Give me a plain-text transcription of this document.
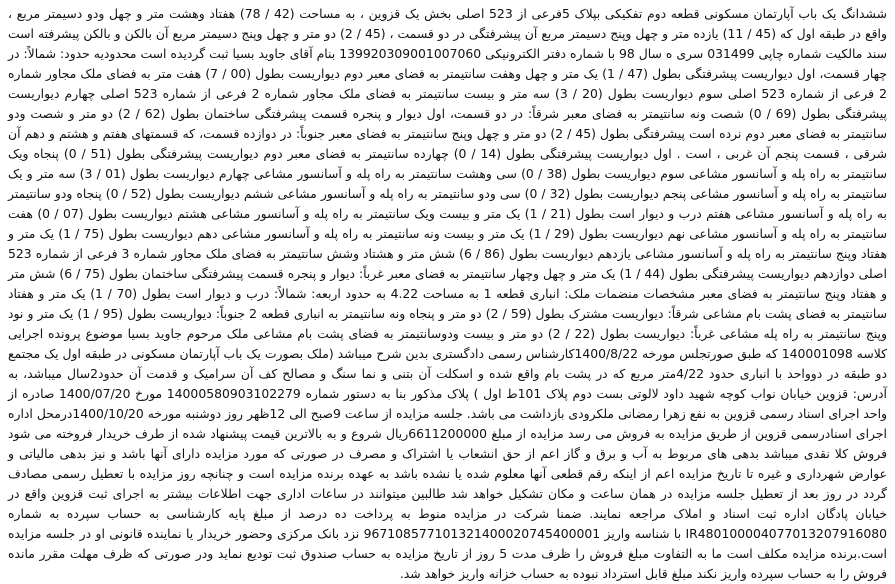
ششدانگ یک باب آپارتمان مسکونی قطعه دوم تفکیکی بپلاک 5فرعی از 523 اصلی بخش یک قزوین ، به مساحت (42 / 78) هفتاد وهشت متر و چهل ودو دسیمتر مربع ، واقع در طبقه اول که (45 / 11) یازده متر و چهل وپنج دسیمتر مربع آن پیشرفتگی در دو قسمت ، (45 / 2) دو متر و چهل وپنج دسیمتر مربع آن بالکن و بالکن پیشرفته است سند مالکیت شماره چاپی 031499 سری ه سال 98 با شماره دفتر الکترونیکی 139920309001007060 بنام آقای جاوید بسیا ثبت گردیده است محدودیه حدود: شمالاً: در چهار قسمت، اول دیواریست پیشرفتگی بطول (47 / 1) یک متر و چهل وهفت سانتیمتر به فضای معبر دوم دیواریست بطول (00 / 7) هفت متر به فضای ملک مجاور شماره 2 فرعی از شماره 523 اصلی سوم دیواریست بطول (20 / 3) سه متر و بیست سانتیمتر به فضای ملک مجاور شماره 2 فرعی از شماره 523 اصلی چهارم دیواریست پیشرفتگی بطول (69 / 0) شصت ونه سانتیمتر به فضای معبر شرقاً: در دو قسمت، اول دیوار و پنجره قسمت پیشرفتگی ساختمان بطول (62 / 2) دو متر و شصت ودو سانتیمتر به فضای معبر دوم نرده است پیشرفتگی بطول (45 / 2) دو متر و چهل وپنج سانتیمتر به فضای معبر جنوباً: در دوازده قسمت، که قسمتهای هفتم و هشتم و دهم آن شرقی ، قسمت پنجم آن غربی ، است . اول دیواریست پیشرفتگی بطول (14 / 0) چهارده سانتیمتر به فضای معبر دوم دیواریست پیشرفتگی بطول (51 / 0) پنجاه ویک سانتیمتر به راه پله و آسانسور مشاعی سوم دیواریست بطول (38 / 0) سی وهشت سانتیمتر به راه پله و آسانسور مشاعی چهارم دیواریست بطول (01 / 3) سه متر و یک سانتیمتر به راه پله و آسانسور مشاعی پنجم دیواریست بطول (32 / 0) سی ودو سانتیمتر به راه پله و آسانسور مشاعی ششم دیواریست بطول (52 / 0) پنجاه ودو سانتیمتر به راه پله و آسانسور مشاعی هفتم درب و دیوار است بطول (21 / 1) یک متر و بیست ویک سانتیمتر به راه پله و آسانسور مشاعی هشتم دیواریست بطول (07 / 0) هفت سانتیمتر به راه پله و آسانسور مشاعی نهم دیواریست بطول (29 / 1) یک متر و بیست ونه سانتیمتر به راه پله و آسانسور مشاعی دهم دیواریست بطول (75 / 1) یک متر و هفتاد وپنج سانتیمتر به راه پله و آسانسور مشاعی یازدهم دیواریست بطول (86 / 6) شش متر و هشتاد وشش سانتیمتر به فضای ملک مجاور شماره 3 فرعی از شماره 523 اصلی دوازدهم دیواریست پیشرفتگی بطول (44 / 1) یک متر و چهل وچهار سانتیمتر به فضای معبر غرباً: دیوار و پنجره قسمت پیشرفتگی ساختمان بطول (75 / 6) شش متر و هفتاد وپنج سانتیمتر به فضای معبر مشخصات منضمات ملک: انباری قطعه 1 به مساحت 4.22 به حدود اربعه: شمالاً: درب و دیوار است بطول (70 / 1) یک متر و هفتاد سانتیمتر به فضای پشت بام مشاعی شرقاً: دیواریست مشترک بطول (59 / 2) دو متر و پنجاه ونه سانتیمتر به انباری قطعه 2 جنوباً: دیواریست بطول (95 / 1) یک متر و نود وپنج سانتیمتر به راه پله مشاعی غرباً: دیواریست بطول (22 / 2) دو متر و بیست ودوسانتیمتر به فضای پشت بام مشاعی ملک مرحوم جاوید بسیا موضوع پرونده اجرایی کلاسه 140001098 که طبق صورتجلس مورخه 1400/8/22کارشناس رسمی دادگستری بدین شرح میباشد (ملک بصورت یک باب آپارتمان مسکونی در طبقه اول یک مجتمع دو طبقه در دوواحد با انباری حدود 4/22متر مربع که در پشت بام واقع شده و اسکلت آن بتنی و نما سنگ و مصالح کف آن سرامیک و قدمت آن حدود2سال میباشد، به آدرس: قزوین خیابان نواب کوچه شهید داود لالوتی بست دوم پلاک 101ط اول ) پلاک مذکور بنا به دستور شماره 14000580903102279 مورخ 1400/07/20 صادره از واحد اجرای اسناد رسمی قزوین به نفع زهرا رمضانی ملکرودی بازداشت می باشد. جلسه مزایده از ساعت 9صبح الی 12ظهر روز دوشنبه مورخه 1400/10/20درمحل اداره اجرای اسنادرسمی قزوین از طریق مزایده به فروش می رسد مزایده از مبلغ 6611200000ریال شروع و به بالاترین قیمت پیشنهاد شده از طرف خریدار فروخته می شود فروش کلا نقدی میباشد بدهی های مربوط به آب و برق و گاز اعم از حق انشعاب یا اشتراک و مصرف در صورتی که مورد مزایده دارای آنها باشد و نیز بدهی مالیاتی و عوارض شهرداری و غیره تا تاریخ مزایده اعم از اینکه رقم قطعی آنها معلوم شده یا نشده باشد به عهده برنده مزایده است و چنانچه روز مزایده با تعطیل رسمی مصادف گردد در روز بعد از تعطیل جلسه مزایده در همان ساعت و مکان تشکیل خواهد شد طالبین میتوانند در ساعات اداری جهت اطلاعات بیشتر به اجرای ثبت قزوین واقع در خیابان پادگان اداره ثبت اسناد و املاک مراجعه نمایند. ضمنا شرکت در مزایده منوط به پرداخت ده درصد از مبلغ پایه کارشناسی به حساب سپرده به شماره IR480100004077013207916080 با شناسه واریز 967108577101321400020745400001 نزد بانک مرکزی وحضور خریدار یا نماینده قانونی او در جلسه مزایده است.برنده مزایده مکلف است ما به التفاوت مبلغ فروش را ظرف مدت 5 روز از تاریخ مزایده به حساب صندوق ثبت تودیع نماید ودر صورتی که ظرف مهلت مقرر مانده فروش را به حساب سپرده واریز نکند مبلغ قابل استرداد نبوده به حساب خزانه واریز خواهد شد.
